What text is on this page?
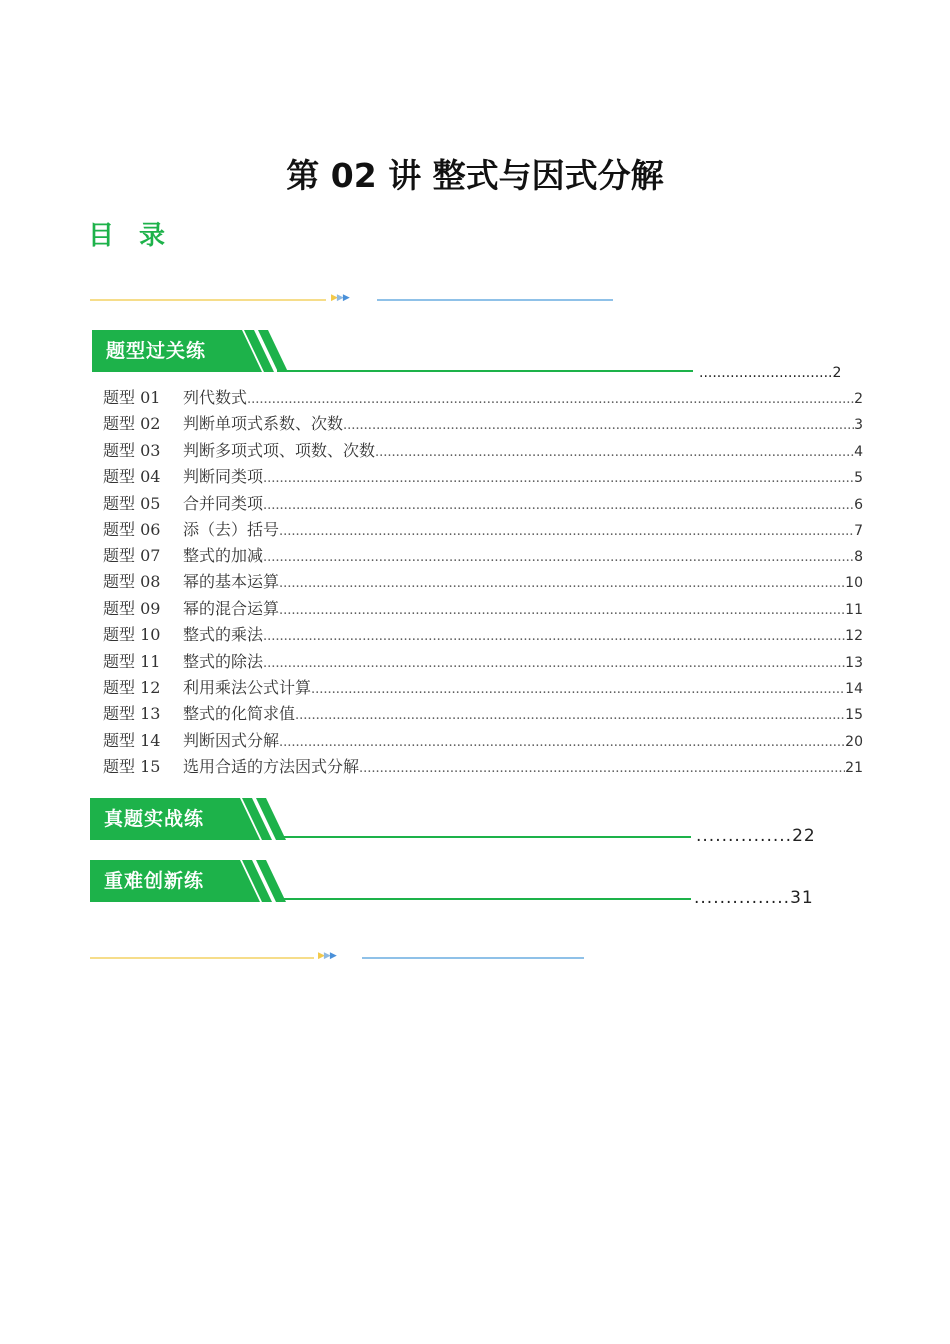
第 02 讲 整式与因式分解
目 录
▶▶▶
题型过关练
..............................2
题型 01	列代数式 .....	2
题型 02	判断单项式系数、次数 .....	3
题型 03	判断多项式项、项数、次数 .....	4
题型 04	判断同类项 .....	5
题型 05	合并同类项 .....	6
题型 06	添（去）括号 .....	7
题型 07	整式的加减 .....	8
题型 08	幂的基本运算 .....	10
题型 09	幂的混合运算 .....	11
题型 10	整式的乘法 .....	12
题型 11	整式的除法 .....	13
题型 12	利用乘法公式计算 .....	14
题型 13	整式的化简求值 .....	15
题型 14	判断因式分解 .....	20
题型 15	选用合适的方法因式分解 .....	21
真题实战练
...............22
重难创新练
...............31
▶▶▶
